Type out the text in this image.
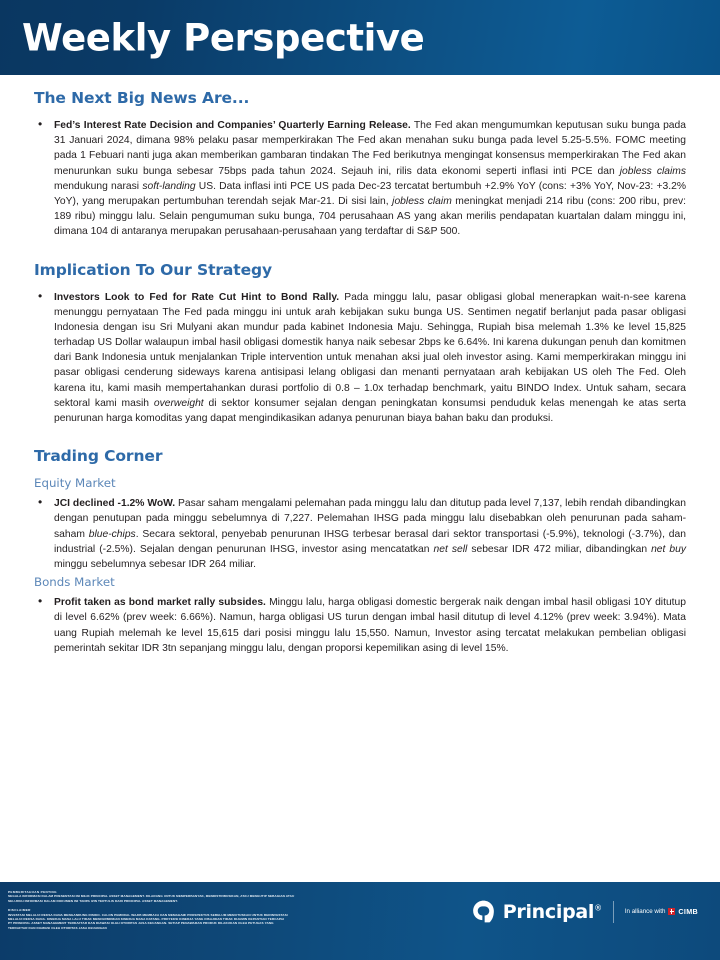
Weekly Perspective
The Next Big News Are...

• Fed’s Interest Rate Decision and Companies’ Quarterly Earning Release. The Fed akan mengumumkan keputusan suku bunga pada 31 Januari 2024, dimana 98% pelaku pasar memperkirakan The Fed akan menahan suku bunga pada level 5.25-5.5%. FOMC meeting pada 1 Febuari nanti juga akan memberikan gambaran tindakan The Fed berikutnya mengingat konsensus memperkirakan The Fed akan menurunkan suku bunga sebesar 75bps pada tahun 2024. Sejauh ini, rilis data ekonomi seperti inflasi inti PCE dan jobless claims mendukung narasi soft-landing US. Data inflasi inti PCE US pada Dec-23 tercatat bertumbuh +2.9% YoY (cons: +3% YoY, Nov-23: +3.2% YoY), yang merupakan pertumbuhan terendah sejak Mar-21. Di sisi lain, jobless claim meningkat menjadi 214 ribu (cons: 200 ribu, prev: 189 ribu) minggu lalu. Selain pengumuman suku bunga, 704 perusahaan AS yang akan merilis pendapatan kuartalan dalam minggu ini, dimana 104 di antaranya merupakan perusahaan-perusahaan yang terdaftar di S&P 500.

Implication To Our Strategy

• Investors Look to Fed for Rate Cut Hint to Bond Rally. Pada minggu lalu, pasar obligasi global menerapkan wait-n-see karena menunggu pernyataan The Fed pada minggu ini untuk arah kebijakan suku bunga US. Sentimen negatif berlanjut pada pasar obligasi Indonesia dengan isu Sri Mulyani akan mundur pada kabinet Indonesia Maju. Sehingga, Rupiah bisa melemah 1.3% ke level 15,825 terhadap US Dollar walaupun imbal hasil obligasi domestik hanya naik sebesar 2bps ke 6.64%. Ini karena dukungan penuh dan komitmen dari Bank Indonesia untuk menjalankan Triple intervention untuk menahan aksi jual oleh investor asing. Kami memperkirakan minggu ini pasar obligasi cenderung sideways karena antisipasi lelang obligasi dan menanti pernyataan arah kebijakan US oleh The Fed. Oleh karena itu, kami masih mempertahankan durasi portfolio di 0.8 – 1.0x terhadap benchmark, yaitu BINDO Index. Untuk saham, secara sektoral kami masih overweight di sektor konsumer sejalan dengan peningkatan konsumsi penduduk kelas menengah ke atas serta penurunan harga komoditas yang dapat mengindikasikan adanya penurunan biaya bahan baku dan produksi.

Trading Corner
Equity Market

• JCI declined -1.2% WoW. Pasar saham mengalami pelemahan pada minggu lalu dan ditutup pada level 7,137, lebih rendah dibandingkan dengan penutupan pada minggu sebelumnya di 7,227. Pelemahan IHSG pada minggu lalu disebabkan oleh penurunan pada saham-saham blue-chips. Secara sektoral, penyebab penurunan IHSG terbesar berasal dari sektor transportasi (-5.9%), teknologi (-3.7%), dan industrial (-2.5%). Sejalan dengan penurunan IHSG, investor asing mencatatkan net sell sebesar IDR 472 miliar, dibandingkan net buy minggu sebelumnya sebesar IDR 264 miliar.

Bonds Market

• Profit taken as bond market rally subsides. Minggu lalu, harga obligasi domestic bergerak naik dengan imbal hasil obligasi 10Y ditutup di level 6.62% (prev week: 6.66%). Namun, harga obligasi US turun dengan imbal hasil ditutup di level 4.12% (prev week: 3.94%). Mata uang Rupiah melemah ke level 15,615 dari posisi minggu lalu 15,550. Namun, Investor asing tercatat melakukan pembelian obligasi pemerintah sekitar IDR 3tn sepanjang minggu lalu, dengan proporsi kepemilikan asing di level 15%.

PEMBERITAHUAN PENTING
SEGALA INFORMASI DALAM PRESENTASI INI MILIK PRINCIPAL ASSET MANAGEMENT. DILARANG UNTUK MEMPERBANYAK, MENDISTRIBUSIKAN, ATAU MENGUTIP SEBAGIAN ATAU
SELURUH INFORMASI DALAM DOKUMEN INI TANPA IZIN TERTULIS DARI PRINCIPAL ASSET MANAGEMENT.
DISCLAIMER
INVESTASI MELALUI REKSA DANA MENGANDUNG RISIKO. CALON PEMODAL WAJIB MEMBACA DAN MEMAHAMI PROSPEKTUS SEBELUM MEMUTUSKAN UNTUK BERINVESTASI
MELALUI REKSA DANA. KINERJA MASA LALU TIDAK MENCERMINKAN KINERJA MASA DATANG. PROYEKSI KINERJA YANG DISAJIKAN TIDAK DIJAMIN KEPASTIAN TERCAPAI
PT PRINCIPAL ASSET MANAGEMENT TERDAFTAR DAN DIAWASI OLEH OTORITAS JASA KEUANGAN. SETIAP PENAWARAN PRODUK DILAKUKAN OLEH PETUGAS YANG
TERDAFTAR DAN DIAWASI OLEH OTORITAS JASA KEUANGAN
Principal®	In alliance with CIMB
